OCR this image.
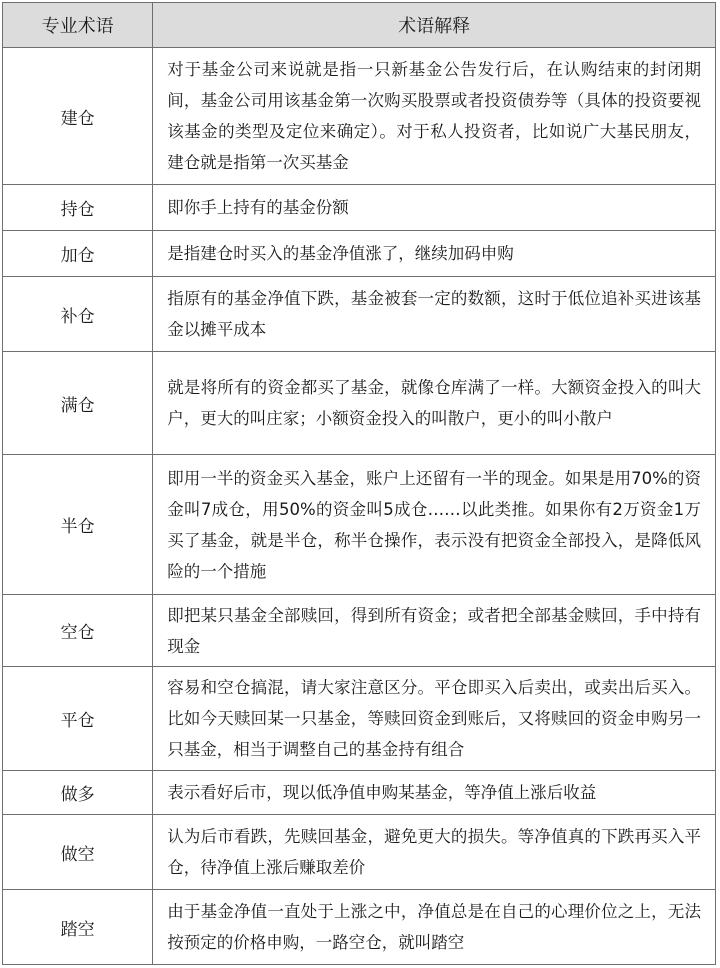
专业术语	术语解释
建仓	对于基金公司来说就是指一只新基金公告发行后，在认购结束的封闭期间，基金公司用该基金第一次购买股票或者投资债券等（具体的投资要视该基金的类型及定位来确定）。对于私人投资者，比如说广大基民朋友，建仓就是指第一次买基金
持仓	即你手上持有的基金份额
加仓	是指建仓时买入的基金净值涨了，继续加码申购
补仓	指原有的基金净值下跌，基金被套一定的数额，这时于低位追补买进该基金以摊平成本
满仓	就是将所有的资金都买了基金，就像仓库满了一样。大额资金投入的叫大户，更大的叫庄家；小额资金投入的叫散户，更小的叫小散户
半仓	即用一半的资金买入基金，账户上还留有一半的现金。如果是用70%的资金叫7成仓，用50%的资金叫5成仓……以此类推。如果你有2万资金1万买了基金，就是半仓，称半仓操作，表示没有把资金全部投入，是降低风险的一个措施
空仓	即把某只基金全部赎回，得到所有资金；或者把全部基金赎回，手中持有现金
平仓	容易和空仓搞混，请大家注意区分。平仓即买入后卖出，或卖出后买入。比如今天赎回某一只基金，等赎回资金到账后，又将赎回的资金申购另一只基金，相当于调整自己的基金持有组合
做多	表示看好后市，现以低净值申购某基金，等净值上涨后收益
做空	认为后市看跌，先赎回基金，避免更大的损失。等净值真的下跌再买入平仓，待净值上涨后赚取差价
踏空	由于基金净值一直处于上涨之中，净值总是在自己的心理价位之上，无法按预定的价格申购，一路空仓，就叫踏空
